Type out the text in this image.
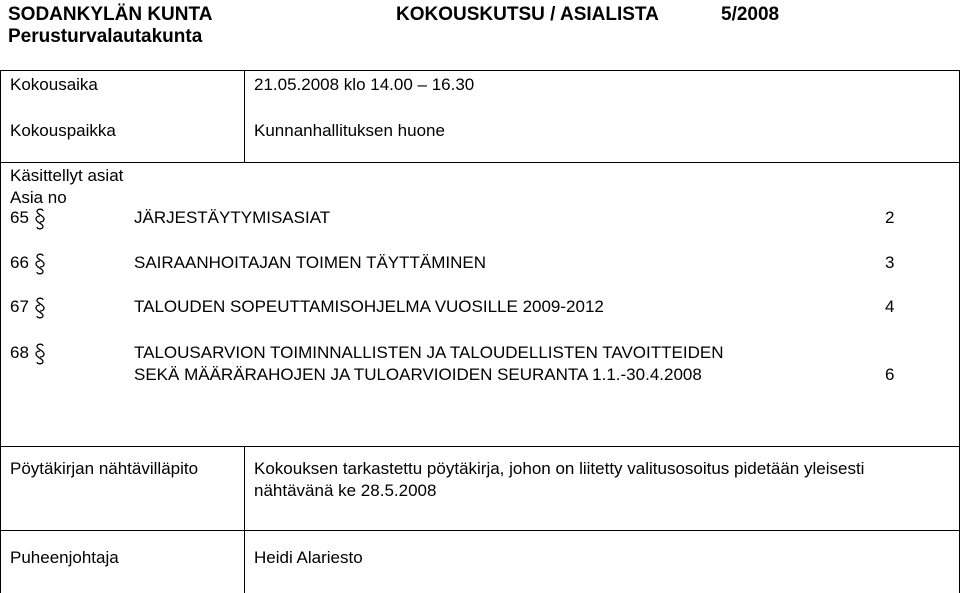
SODANKYLÄN KUNTA
Perusturvalautakunta
KOKOUSKUTSU / ASIALISTA	5/2008
Kokousaika	21.05.2008 klo 14.00 – 16.30
Kokouspaikka	Kunnanhallituksen huone
Käsittellyt asiat
Asia no
65	JÄRJESTÄYTYMISASIAT	2
66	SAIRAANHOITAJAN TOIMEN TÄYTTÄMINEN	3
67	TALOUDEN SOPEUTTAMISOHJELMA VUOSILLE 2009-2012	4
68	TALOUSARVION TOIMINNALLISTEN JA TALOUDELLISTEN TAVOITTEIDEN
SEKÄ MÄÄRÄRAHOJEN JA TULOARVIOIDEN SEURANTA 1.1.-30.4.2008	6
Pöytäkirjan nähtävilläpito	Kokouksen tarkastettu pöytäkirja, johon on liitetty valitusosoitus pidetään yleisesti
nähtävänä ke 28.5.2008
Puheenjohtaja	Heidi Alariesto
